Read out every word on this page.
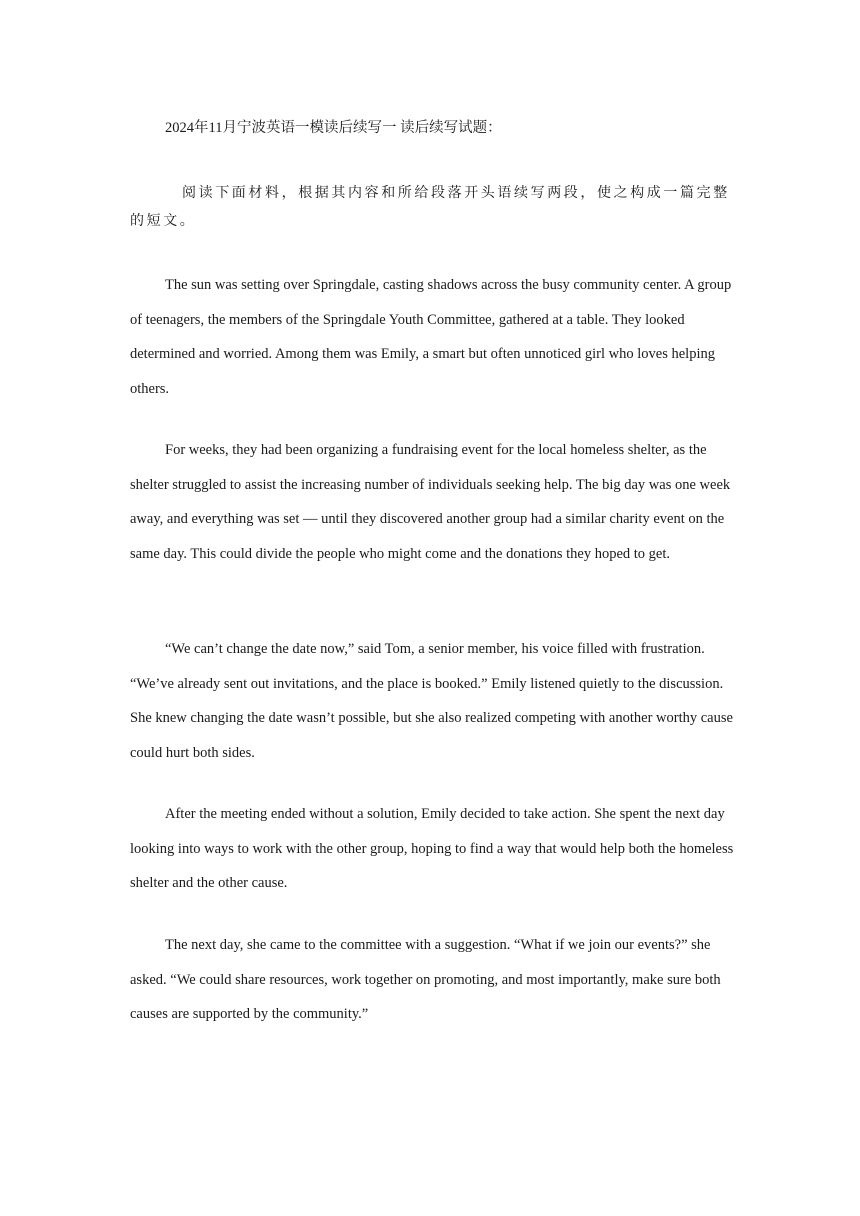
2024年11月宁波英语一模读后续写一 读后续写试题：
阅读下面材料，根据其内容和所给段落开头语续写两段，使之构成一篇完整的短文。

The sun was setting over Springdale, casting shadows across the busy community center. A group of teenagers, the members of the Springdale Youth Committee, gathered at a table. They looked determined and worried. Among them was Emily, a smart but often unnoticed girl who loves helping others.

For weeks, they had been organizing a fundraising event for the local homeless shelter, as the shelter struggled to assist the increasing number of individuals seeking help. The big day was one week away, and everything was set — until they discovered another group had a similar charity event on the same day. This could divide the people who might come and the donations they hoped to get.

“We can’t change the date now,” said Tom, a senior member, his voice filled with frustration. “We’ve already sent out invitations, and the place is booked.” Emily listened quietly to the discussion. She knew changing the date wasn’t possible, but she also realized competing with another worthy cause could hurt both sides.

After the meeting ended without a solution, Emily decided to take action. She spent the next day looking into ways to work with the other group, hoping to find a way that would help both the homeless shelter and the other cause.

The next day, she came to the committee with a suggestion. “What if we join our events?” she asked. “We could share resources, work together on promoting, and most importantly, make sure both causes are supported by the community.”
